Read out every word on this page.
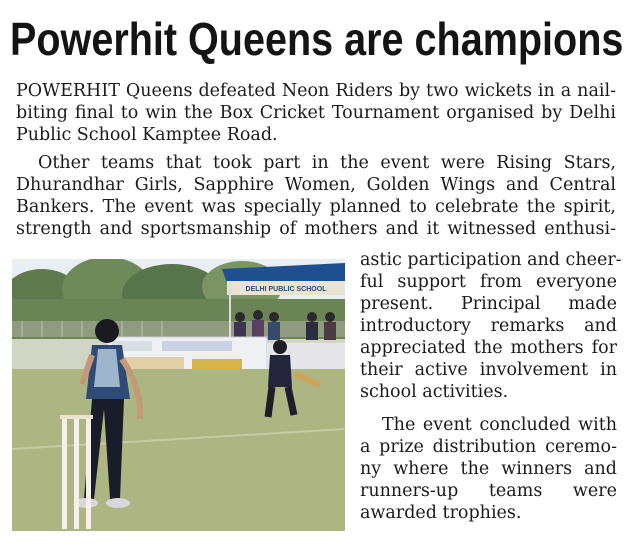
Powerhit Queens are champions
POWERHIT Queens defeated Neon Riders by two wickets in a nail-
biting final to win the Box Cricket Tournament organised by Delhi
Public School Kamptee Road.
Other teams that took part in the event were Rising Stars,
Dhurandhar Girls, Sapphire Women, Golden Wings and Central
Bankers. The event was specially planned to celebrate the spirit,
strength and sportsmanship of mothers and it witnessed enthusi-
astic participation and cheer-
ful support from everyone
present. Principal made
introductory remarks and
appreciated the mothers for
their active involvement in
school activities.
The event concluded with
a prize distribution ceremo-
ny where the winners and
runners-up teams were
awarded trophies.
DELHI PUBLIC SCHOOL
